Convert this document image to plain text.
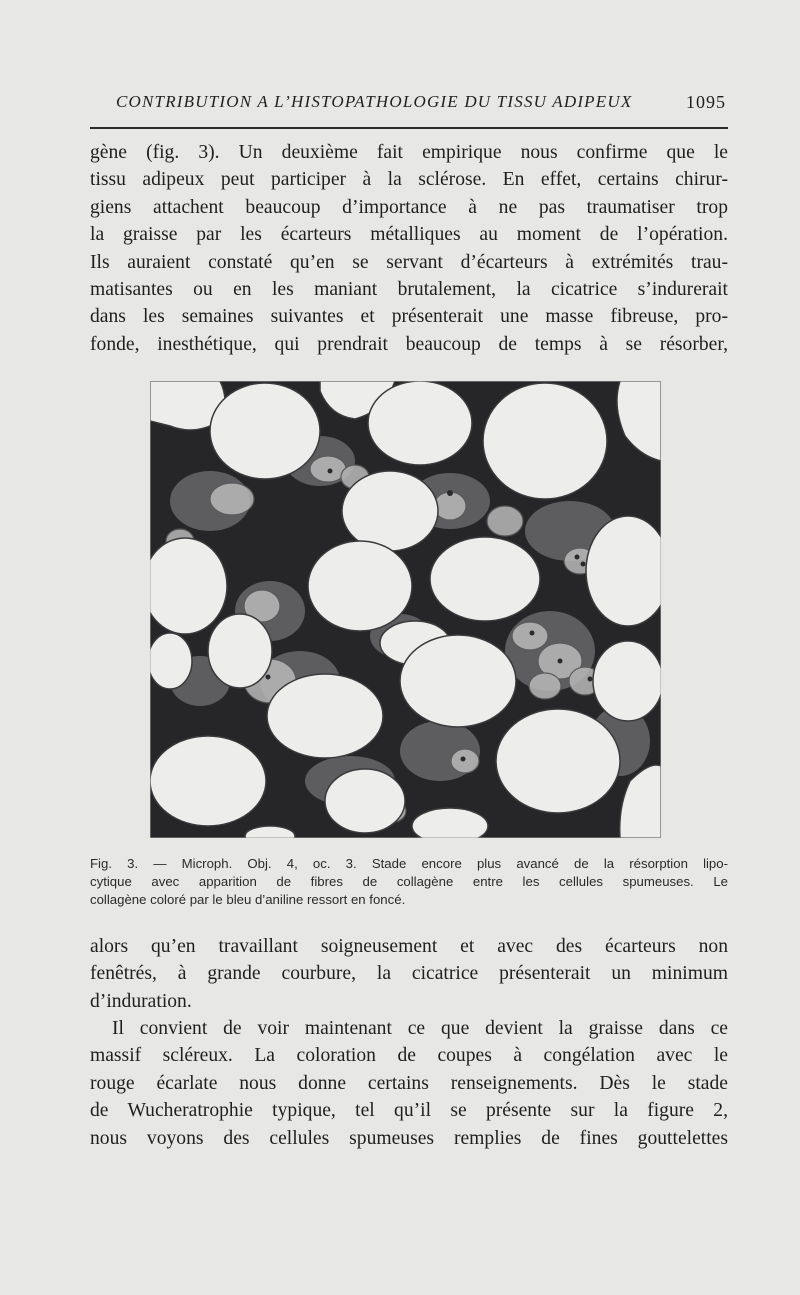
CONTRIBUTION A L’HISTOPATHOLOGIE DU TISSU ADIPEUX	1095

gène (fig. 3). Un deuxième fait empirique nous confirme que le
tissu adipeux peut participer à la sclérose. En effet, certains chirur-
giens attachent beaucoup d’importance à ne pas traumatiser trop
la graisse par les écarteurs métalliques au moment de l’opération.
Ils auraient constaté qu’en se servant d’écarteurs à extrémités trau-
matisantes ou en les maniant brutalement, la cicatrice s’indurerait
dans les semaines suivantes et présenterait une masse fibreuse, pro-
fonde, inesthétique, qui prendrait beaucoup de temps à se résorber,

Fig. 3. — Microph. Obj. 4, oc. 3. Stade encore plus avancé de la résorption lipo-
cytique avec apparition de fibres de collagène entre les cellules spumeuses. Le
collagène coloré par le bleu d’aniline ressort en foncé.

alors qu’en travaillant soigneusement et avec des écarteurs non
fenêtrés, à grande courbure, la cicatrice présenterait un minimum
d’induration.

Il convient de voir maintenant ce que devient la graisse dans ce
massif scléreux. La coloration de coupes à congélation avec le
rouge écarlate nous donne certains renseignements. Dès le stade
de Wucheratrophie typique, tel qu’il se présente sur la figure 2,
nous voyons des cellules spumeuses remplies de fines gouttelettes
